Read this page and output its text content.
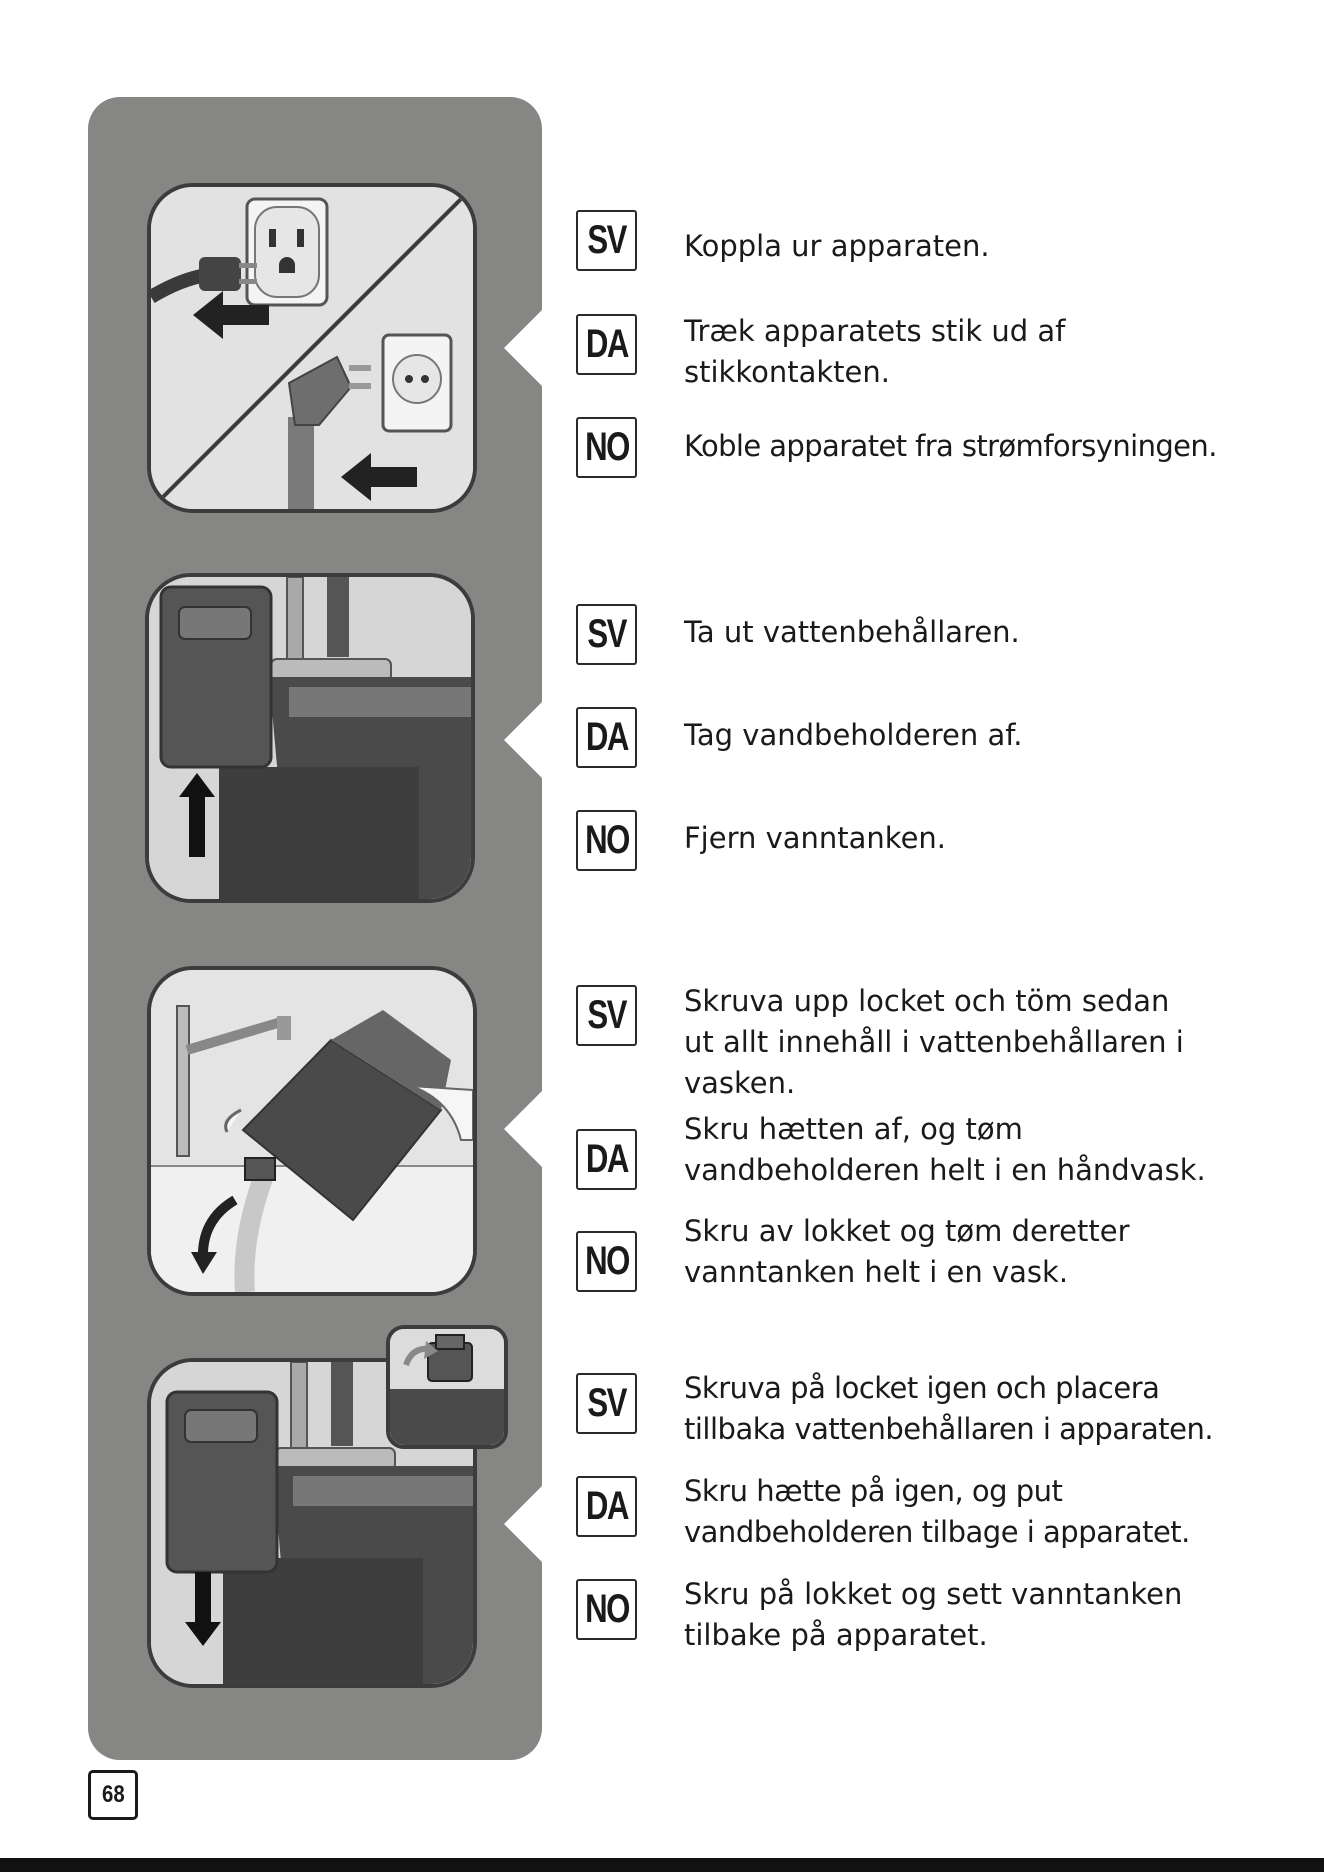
SV Koppla ur apparaten.
DA Træk apparatets stik ud af stikkontakten.
NO Koble apparatet fra strømforsyningen.
SV Ta ut vattenbehållaren.
DA Tag vandbeholderen af.
NO Fjern vanntanken.
SV Skruva upp locket och töm sedan ut allt innehåll i vattenbehållaren i vasken.
DA
Skru hætten af, og tøm vandbeholderen helt i en håndvask.
NO
Skru av lokket og tøm deretter vanntanken helt i en vask.
SV Skruva på locket igen och placera tillbaka vattenbehållaren i apparaten.
DA Skru hætte på igen, og put vandbeholderen tilbage i apparatet.
NO Skru på lokket og sett vanntanken tilbake på apparatet.
68
